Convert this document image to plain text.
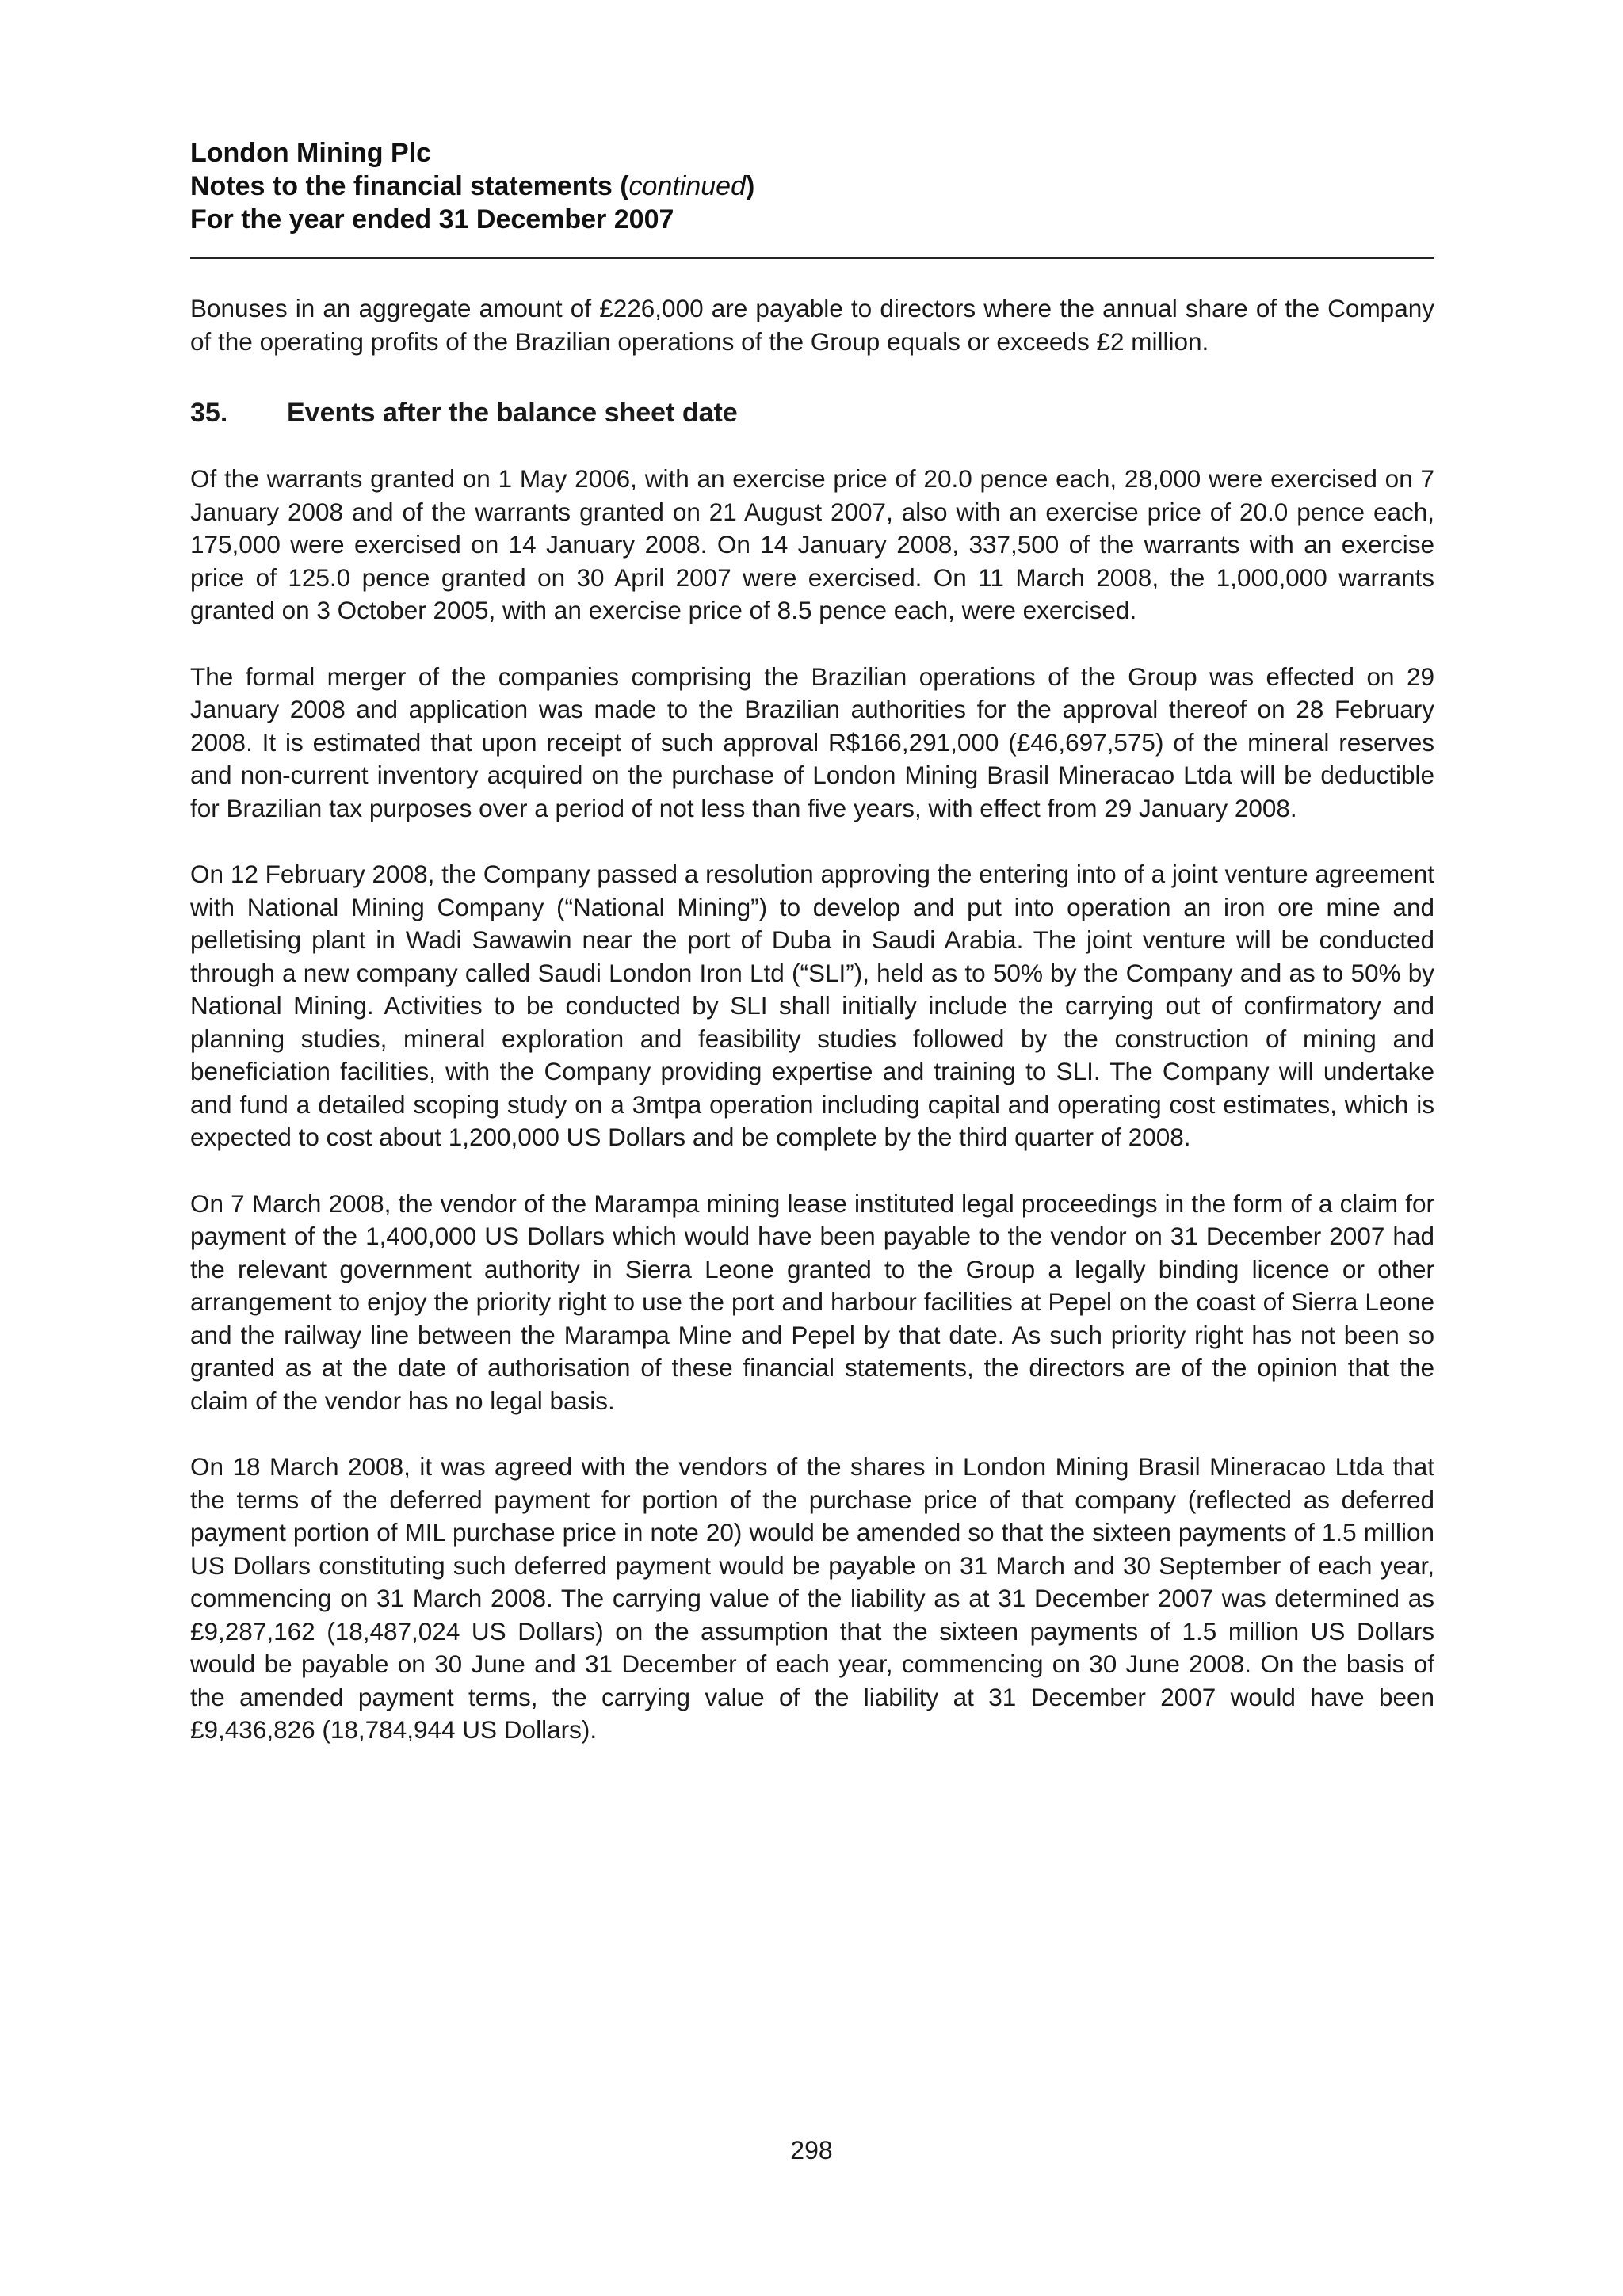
London Mining Plc
Notes to the financial statements (continued)
For the year ended 31 December 2007

Bonuses in an aggregate amount of £226,000 are payable to directors where the annual share of the Company of the operating profits of the Brazilian operations of the Group equals or exceeds £2 million.

35.	Events after the balance sheet date

Of the warrants granted on 1 May 2006, with an exercise price of 20.0 pence each, 28,000 were exercised on 7 January 2008 and of the warrants granted on 21 August 2007, also with an exercise price of 20.0 pence each, 175,000 were exercised on 14 January 2008. On 14 January 2008, 337,500 of the warrants with an exercise price of 125.0 pence granted on 30 April 2007 were exercised. On 11 March 2008, the 1,000,000 warrants granted on 3 October 2005, with an exercise price of 8.5 pence each, were exercised.

The formal merger of the companies comprising the Brazilian operations of the Group was effected on 29 January 2008 and application was made to the Brazilian authorities for the approval thereof on 28 February 2008. It is estimated that upon receipt of such approval R$166,291,000 (£46,697,575) of the mineral reserves and non-current inventory acquired on the purchase of London Mining Brasil Mineracao Ltda will be deductible for Brazilian tax purposes over a period of not less than five years, with effect from 29 January 2008.

On 12 February 2008, the Company passed a resolution approving the entering into of a joint venture agreement with National Mining Company (“National Mining”) to develop and put into operation an iron ore mine and pelletising plant in Wadi Sawawin near the port of Duba in Saudi Arabia. The joint venture will be conducted through a new company called Saudi London Iron Ltd (“SLI”), held as to 50% by the Company and as to 50% by National Mining. Activities to be conducted by SLI shall initially include the carrying out of confirmatory and planning studies, mineral exploration and feasibility studies followed by the construction of mining and beneficiation facilities, with the Company providing expertise and training to SLI. The Company will undertake and fund a detailed scoping study on a 3mtpa operation including capital and operating cost estimates, which is expected to cost about 1,200,000 US Dollars and be complete by the third quarter of 2008.

On 7 March 2008, the vendor of the Marampa mining lease instituted legal proceedings in the form of a claim for payment of the 1,400,000 US Dollars which would have been payable to the vendor on 31 December 2007 had the relevant government authority in Sierra Leone granted to the Group a legally binding licence or other arrangement to enjoy the priority right to use the port and harbour facilities at Pepel on the coast of Sierra Leone and the railway line between the Marampa Mine and Pepel by that date. As such priority right has not been so granted as at the date of authorisation of these financial statements, the directors are of the opinion that the claim of the vendor has no legal basis.

On 18 March 2008, it was agreed with the vendors of the shares in London Mining Brasil Mineracao Ltda that the terms of the deferred payment for portion of the purchase price of that company (reflected as deferred payment portion of MIL purchase price in note 20) would be amended so that the sixteen payments of 1.5 million US Dollars constituting such deferred payment would be payable on 31 March and 30 September of each year, commencing on 31 March 2008. The carrying value of the liability as at 31 December 2007 was determined as £9,287,162 (18,487,024 US Dollars) on the assumption that the sixteen payments of 1.5 million US Dollars would be payable on 30 June and 31 December of each year, commencing on 30 June 2008. On the basis of the amended payment terms, the carrying value of the liability at 31 December 2007 would have been £9,436,826 (18,784,944 US Dollars).

298
